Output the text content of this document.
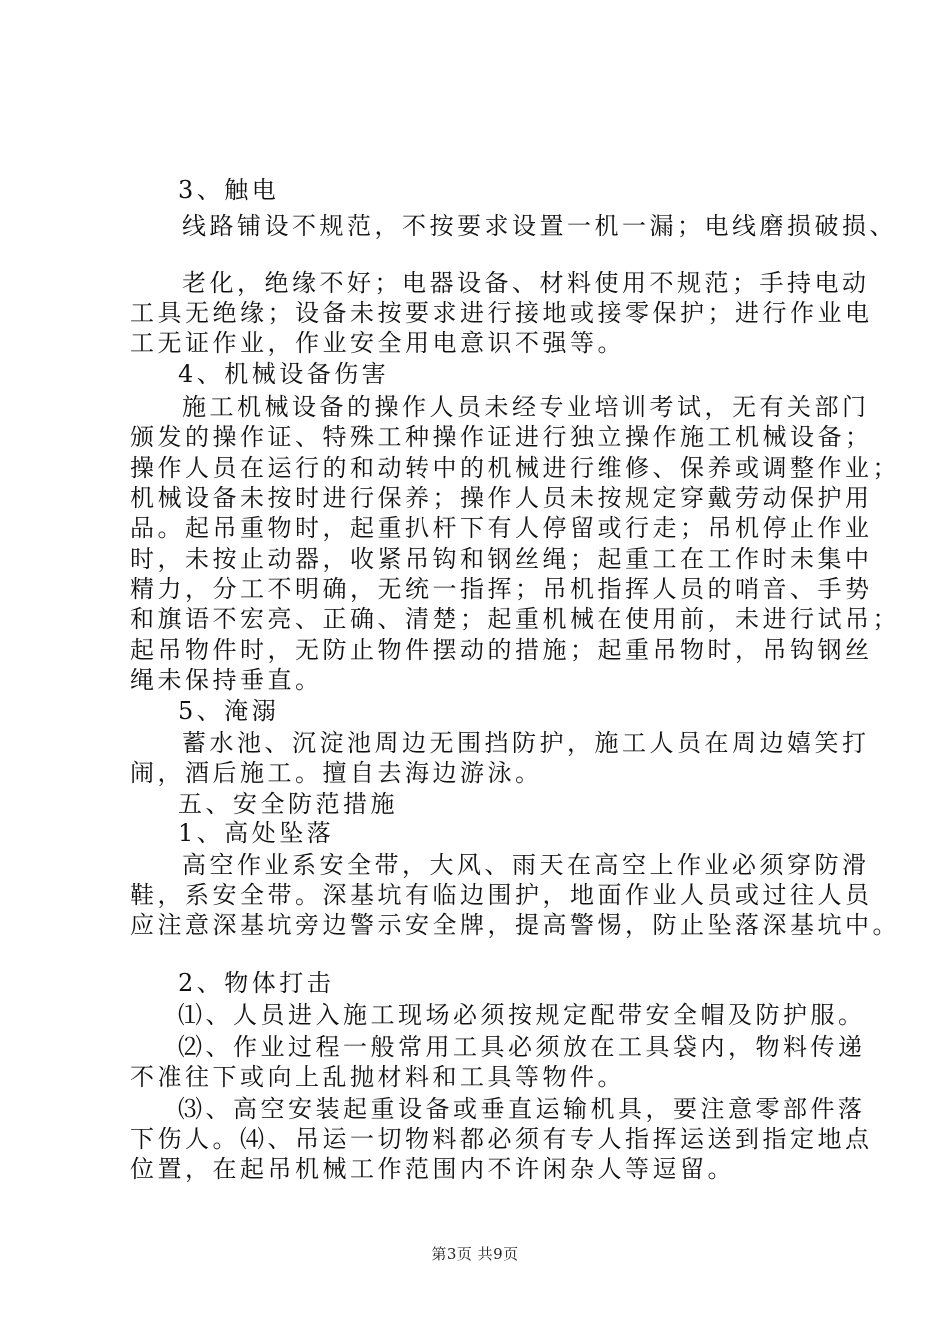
3、触电

线路铺设不规范，不按要求设置一机一漏；电线磨损破损、

老化，绝缘不好；电器设备、材料使用不规范；手持电动

工具无绝缘；设备未按要求进行接地或接零保护；进行作业电

工无证作业，作业安全用电意识不强等。

4、机械设备伤害

施工机械设备的操作人员未经专业培训考试，无有关部门

颁发的操作证、特殊工种操作证进行独立操作施工机械设备；

操作人员在运行的和动转中的机械进行维修、保养或调整作业；

机械设备未按时进行保养；操作人员未按规定穿戴劳动保护用

品。起吊重物时，起重扒杆下有人停留或行走；吊机停止作业

时，未按止动器，收紧吊钩和钢丝绳；起重工在工作时未集中

精力，分工不明确，无统一指挥；吊机指挥人员的哨音、手势

和旗语不宏亮、正确、清楚；起重机械在使用前，未进行试吊；

起吊物件时，无防止物件摆动的措施；起重吊物时，吊钩钢丝

绳未保持垂直。

5、淹溺

蓄水池、沉淀池周边无围挡防护，施工人员在周边嬉笑打

闹，酒后施工。擅自去海边游泳。

五、安全防范措施

1、高处坠落

高空作业系安全带，大风、雨天在高空上作业必须穿防滑

鞋，系安全带。深基坑有临边围护，地面作业人员或过往人员

应注意深基坑旁边警示安全牌，提高警惕，防止坠落深基坑中。

2、物体打击

⑴、人员进入施工现场必须按规定配带安全帽及防护服。

⑵、作业过程一般常用工具必须放在工具袋内，物料传递

不准往下或向上乱抛材料和工具等物件。

⑶、高空安装起重设备或垂直运输机具，要注意零部件落

下伤人。⑷、吊运一切物料都必须有专人指挥运送到指定地点

位置，在起吊机械工作范围内不许闲杂人等逗留。

第3页 共9页
